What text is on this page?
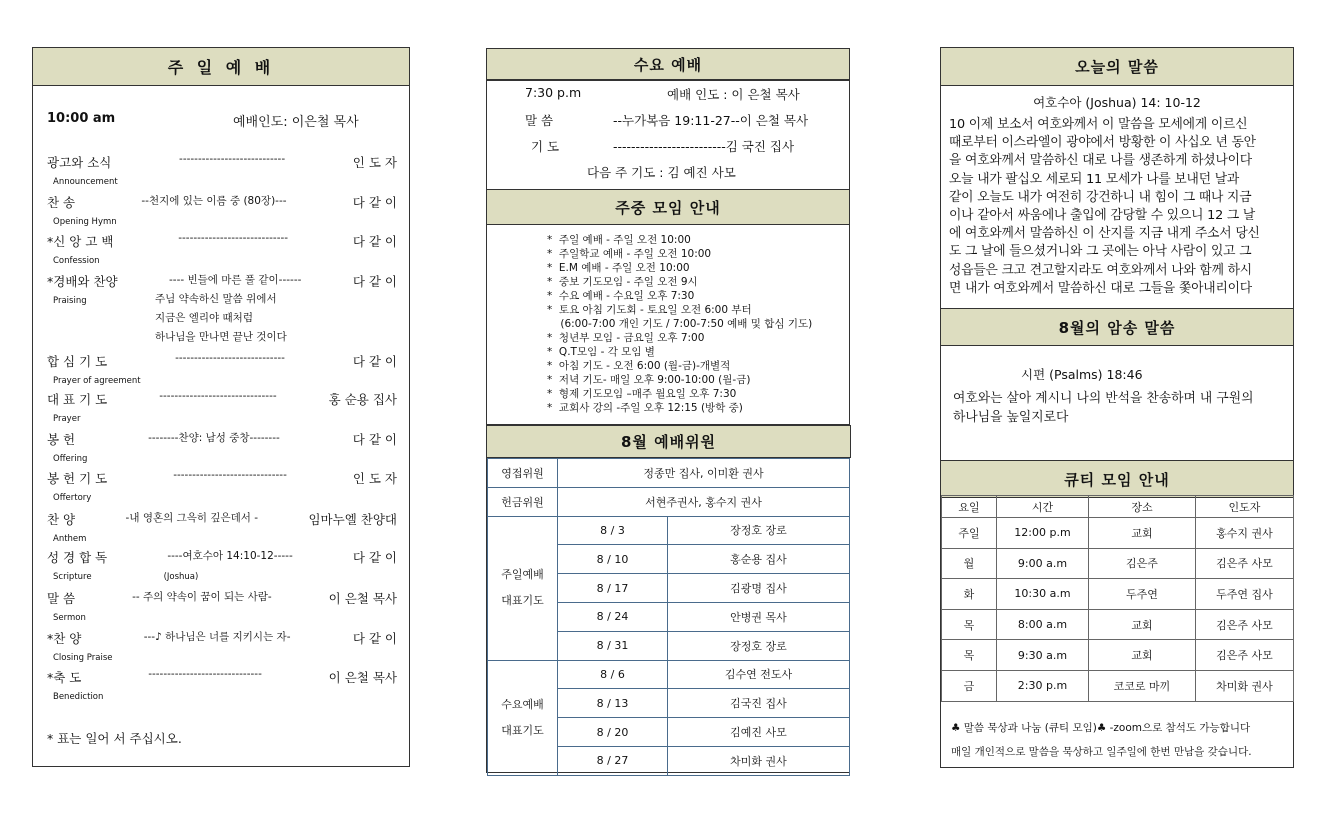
주 일 예 배
10:00 am	예배인도: 이은철 목사
광고와 소식	----------------------------	인 도 자
Announcement
찬 송	--천지에 있는 이름 중 (80장)---	다 같 이
Opening Hymn
*신 앙 고 백	-----------------------------	다 같 이
Confession
*경배와 찬양	---- 빈들에 마른 풀 같이------	다 같 이
Praising	주님 약속하신 말씀 위에서
지금은 엘리야 때처럼
하나님을 만나면 끝난 것이다
합 심 기 도	-----------------------------	다 같 이
Prayer of agreement
대 표 기 도	-------------------------------	홍 순용 집사
Prayer
봉 헌	--------찬양: 남성 중창--------	다 같 이
Offering
봉 헌 기 도	------------------------------	인 도 자
Offertory
찬 양	-내 영혼의 그윽히 깊은데서 -	임마누엘 찬양대
Anthem
성 경 합 독	----여호수아 14:10-12-----	다 같 이
Scripture	(Joshua)
말 씀	-- 주의 약속이 꿈이 되는 사람-	이 은철 목사
Sermon
*찬 양	---♪ 하나님은 너를 지키시는 자-	다 같 이
Closing Praise
*축 도	------------------------------	이 은철 목사
Benediction
* 표는 일어 서 주십시오.
수요 예배
7:30 p.m	예배 인도 : 이 은철 목사
말 씀	--누가복음 19:11-27--이 은철 목사
기 도	-------------------------김 국진 집사
다음 주 기도 : 김 예진 사모
주중 모임 안내
*  주일 예배 - 주일 오전 10:00
*  주일학교 예배 - 주일 오전 10:00
*  E.M 예배 - 주일 오전 10:00
*  중보 기도모임 - 주일 오전 9시
*  수요 예배 - 수요일 오후 7:30
*  토요 아침 기도회 - 토요일 오전 6:00 부터
(6:00-7:00 개인 기도 / 7:00-7:50 예배 및 합심 기도)
*  청년부 모임 - 금요일 오후 7:00
*  Q.T모임 - 각 모임 별
*  아침 기도 - 오전 6:00 (월-금)-개별적
*  저녁 기도- 매일 오후 9:00-10:00 (월-금)
*  형제 기도모임 –매주 월요일 오후 7:30
*  교회사 강의 -주일 오후 12:15 (방학 중)
8월 예배위원
영접위원	정종만 집사, 이미환 권사	
헌금위원	서현주권사, 홍수지 권사	

주일예배
대표기도	8 / 3	장정호 장로
	8 / 10	홍순용 집사
	8 / 17	김광명 집사
	8 / 24	안병권 목사
	8 / 31	장정호 장로

수요예배
대표기도	8 / 6	김수연 전도사
	8 / 13	김국진 집사
	8 / 20	김예진 사모
	8 / 27	차미화 권사
오늘의 말씀
여호수아 (Joshua) 14: 10-12
10 이제 보소서 여호와께서 이 말씀을 모세에게 이르신
때로부터 이스라엘이 광야에서 방황한 이 사십오 년 동안
을 여호와께서 말씀하신 대로 나를 생존하게 하셨나이다
오늘 내가 팔십오 세로되 11 모세가 나를 보내던 날과
같이 오늘도 내가 여전히 강건하니 내 힘이 그 때나 지금
이나 같아서 싸움에나 출입에 감당할 수 있으니 12 그 날
에 여호와께서 말씀하신 이 산지를 지금 내게 주소서 당신
도 그 날에 들으셨거니와 그 곳에는 아낙 사람이 있고 그
성읍들은 크고 견고할지라도 여호와께서 나와 함께 하시
면 내가 여호와께서 말씀하신 대로 그들을 쫓아내리이다
8월의 암송 말씀
시편 (Psalms) 18:46
여호와는 살아 계시니 나의 반석을 찬송하며 내 구원의
하나님을 높일지로다
큐티 모임 안내
요일	시간	장소	인도자
주일	12:00 p.m	교회	홍수지 권사
월	9:00 a.m	김은주	김은주 사모
화	10:30 a.m	두주연	두주연 집사
목	8:00 a.m	교회	김은주 사모
목	9:30 a.m	교회	김은주 사모
금	2:30 p.m	코코로 마끼	차미화 권사
♣ 말씀 묵상과 나눔 (큐티 모임)♣ -zoom으로 참석도 가능합니다
매일 개인적으로 말씀을 묵상하고 일주일에 한번 만남을 갖습니다.
